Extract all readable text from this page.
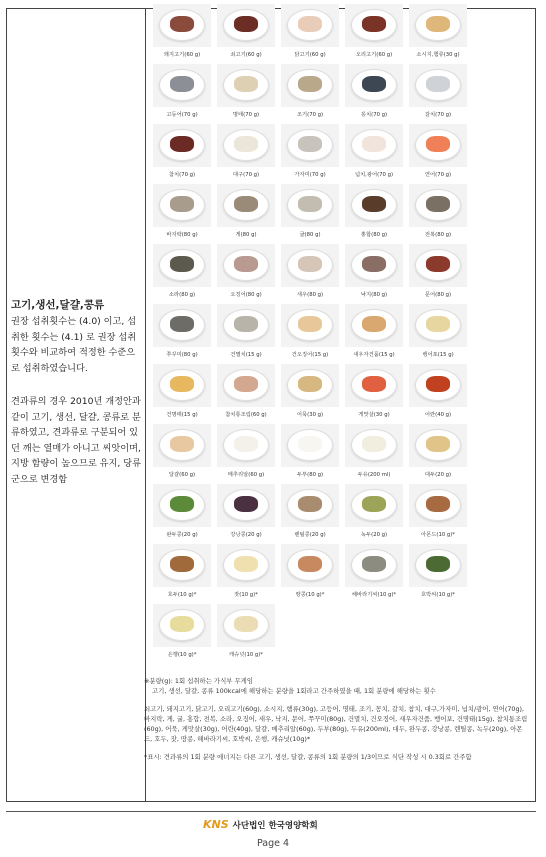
고기,생선,달걀,콩류

권장 섭취횟수는 (4.0) 이고, 섭취한 횟수는 (4.1) 로 권장 섭취횟수와 비교하여 적정한 수준으로 섭취하였습니다.

견과류의 경우 2010년 개정안과 같이 고기, 생선, 달걀, 콩류로 분류하였고, 견과류로 구분되어 있던 깨는 열매가 아니고 씨앗이며, 지방 함량이 높으므로 유지, 당류군으로 변경함

돼지고기(60 g)	쇠고기(60 g)	닭고기(60 g)	오리고기(60 g)	소시지,햄류(30 g)
고등어(70 g)	명태(70 g)	조기(70 g)	꽁치(70 g)	갈치(70 g)
참치(70 g)	대구(70 g)	가자미(70 g)	넙치,광어(70 g)	연어(70 g)
바지락(80 g)	게(80 g)	굴(80 g)	홍합(80 g)	전복(80 g)
소라(80 g)	오징어(80 g)	새우(80 g)	낙지(80 g)	문어(80 g)
쭈꾸미(80 g)	건멸치(15 g)	건오징어(15 g)	새우자건품(15 g)	뱅어포(15 g)
건명태(15 g)	참치통조림(60 g)	어묵(30 g)	게맛살(30 g)	어란(40 g)
달걀(60 g)	메추리알(60 g)	두부(80 g)	두유(200 ml)	대두(20 g)
완두콩(20 g)	강낭콩(20 g)	렌틸콩(20 g)	녹두(20 g)	아몬드(10 g)*
호두(10 g)*	잣(10 g)*	땅콩(10 g)*	해바라기씨(10 g)*	호박씨(10 g)*
은행(10 g)*	캐슈넛(10 g)*

※분량(g): 1회 섭취하는 가식부 무게임

고기, 생선, 달걀, 콩류 100kcal에 해당하는 분량을 1회라고 간주하였을 때, 1회 분량에 해당하는 횟수

쇠고기, 돼지고기, 닭고기, 오리고기(60g), 소시지, 햄류(30g), 고등어, 명태, 조기, 꽁치, 갈치, 참치, 대구,가자미, 넙치/광어, 연어(70g), 바지락, 게, 굴, 홍합, 전복, 소라, 오징어, 새우, 낙지, 문어, 쭈꾸미(80g), 건멸치, 건오징어, 새우자건품, 뱅어포, 건명태(15g), 참치통조림(60g), 어묵, 게맛살(30g), 어란(40g), 달걀, 메추리알(60g), 두부(80g), 두유(200ml), 대두, 완두콩, 강낭콩, 렌틸콩, 녹두(20g), 아몬드, 호두, 잣, 땅콩, 해바라기씨, 호박씨, 은행, 캐슈넛(10g)*

*표시: 견과류의 1회 분량 에너지는 다른 고기, 생선, 달걀, 콩류의 1회 분량의 1/3이므로 식단 작성 시 0.3회로 간주함

KNS 사단법인 한국영양학회
Page 4
